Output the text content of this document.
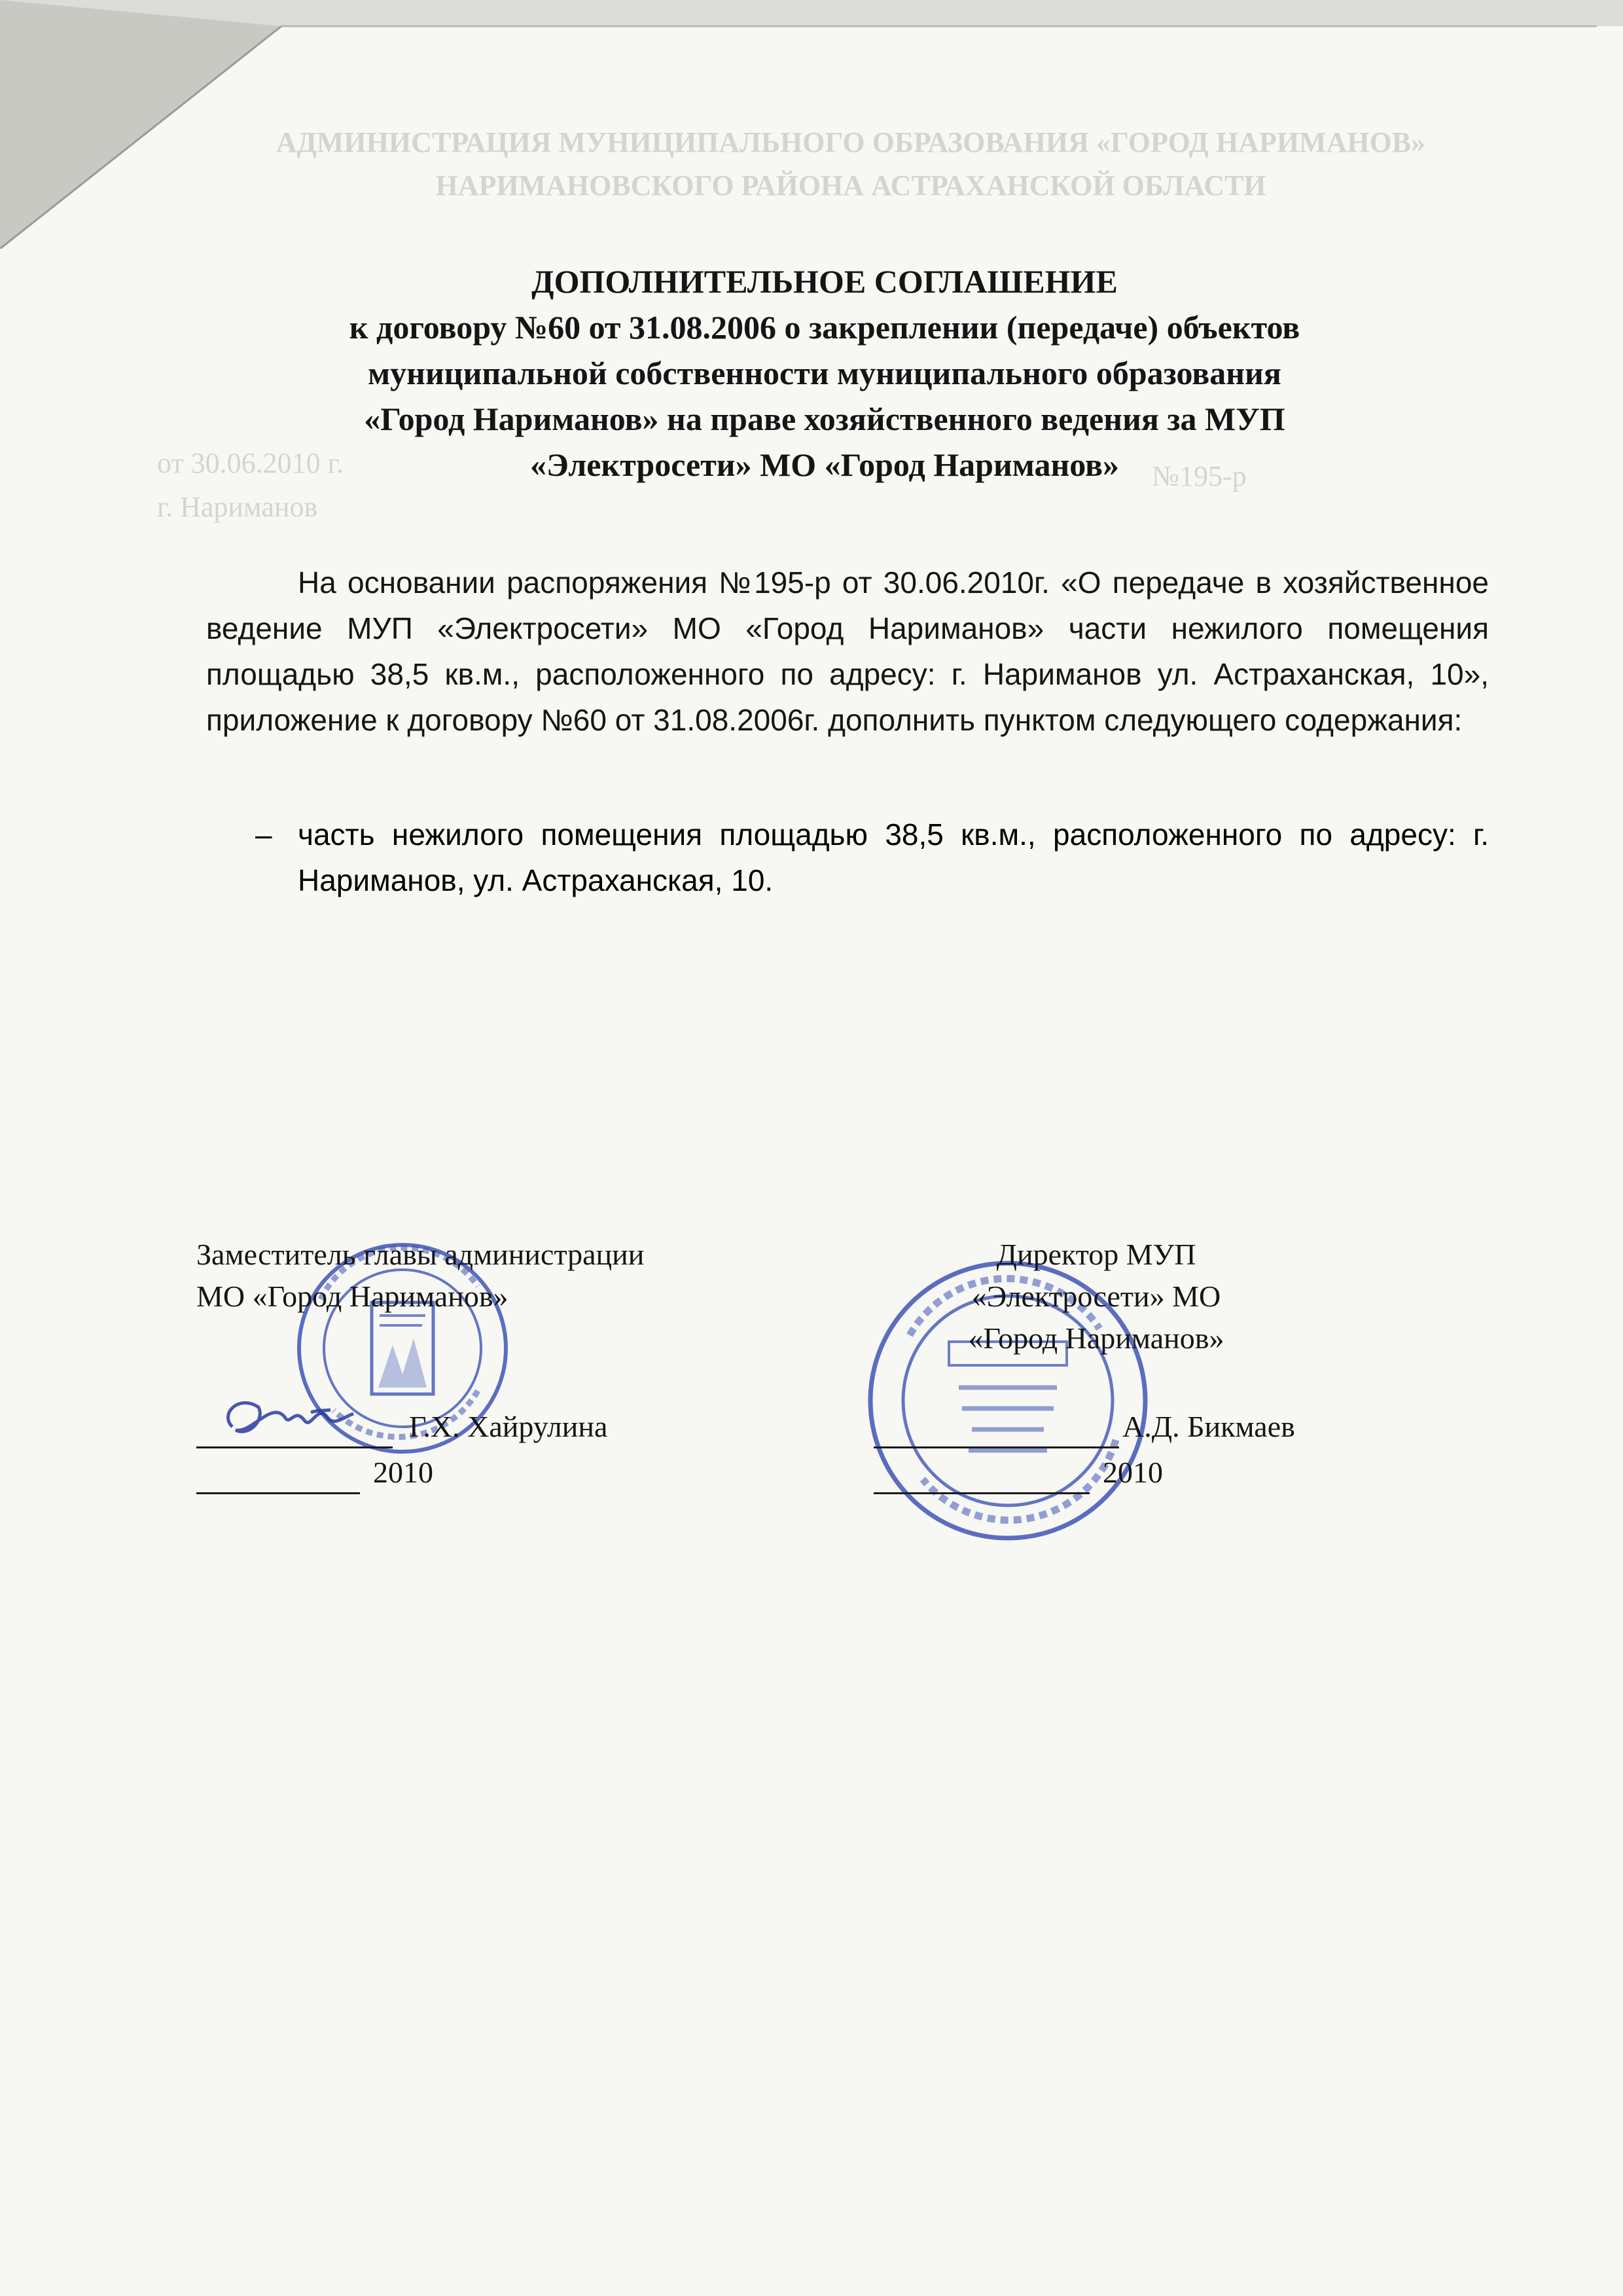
АДМИНИСТРАЦИЯ МУНИЦИПАЛЬНОГО ОБРАЗОВАНИЯ «ГОРОД НАРИМАНОВ»
НАРИМАНОВСКОГО РАЙОНА АСТРАХАНСКОЙ ОБЛАСТИ
от 30.06.2010 г.	№195-р
г. Нариманов
ДОПОЛНИТЕЛЬНОЕ СОГЛАШЕНИЕ
к договору №60 от 31.08.2006 о закреплении (передаче) объектов
муниципальной собственности муниципального образования
«Город Нариманов» на праве хозяйственного ведения за МУП
«Электросети» МО «Город Нариманов»
На основании распоряжения №195-р от 30.06.2010г. «О передаче в хозяйственное ведение МУП «Электросети» МО «Город Нариманов» части нежилого помещения площадью 38,5 кв.м., расположенного по адресу: г. Нариманов ул. Астраханская, 10», приложение к договору №60 от 31.08.2006г. дополнить пунктом следующего содержания:
– часть нежилого помещения площадью 38,5 кв.м., расположенного по адресу: г. Нариманов, ул. Астраханская, 10.
Заместитель главы администрации
МО «Город Нариманов»
Г.Х. Хайрулина
2010
Директор МУП
«Электросети» МО
«Город Нариманов»
А.Д. Бикмаев
2010
